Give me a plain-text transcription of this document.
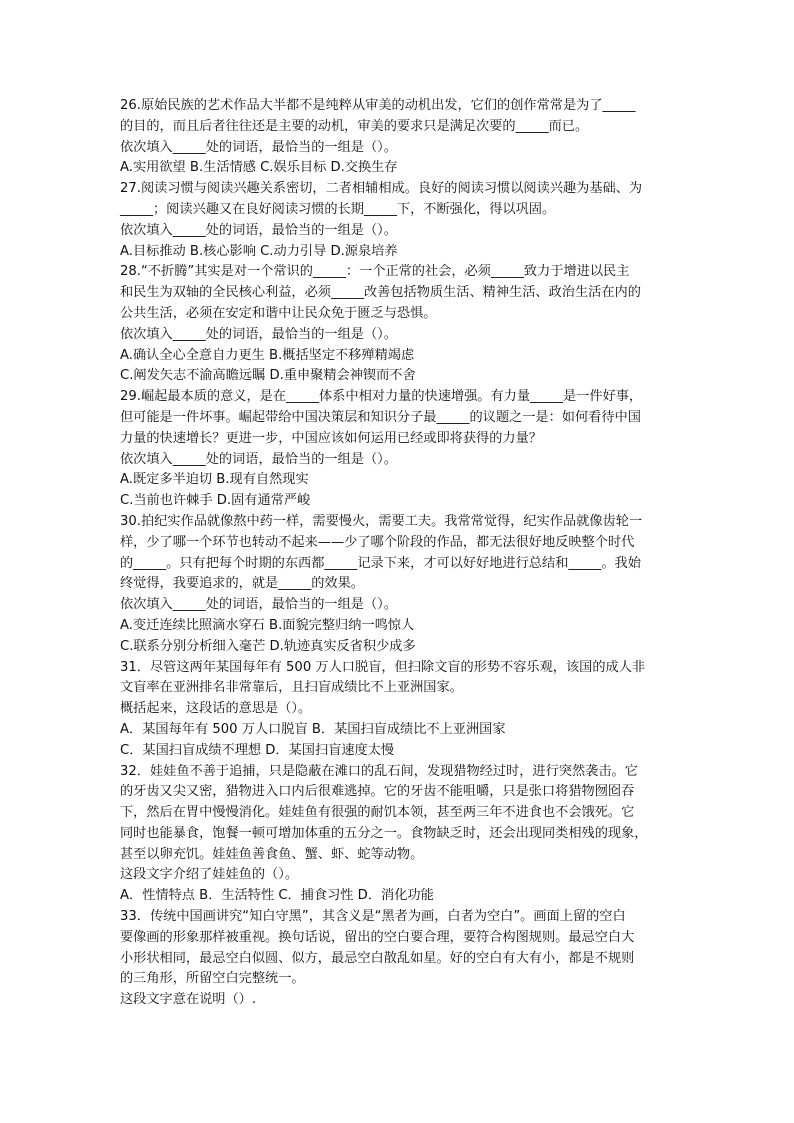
26.原始民族的艺术作品大半都不是纯粹从审美的动机出发，它们的创作常常是为了_____
的目的，而且后者往往还是主要的动机，审美的要求只是满足次要的_____而已。
依次填入_____处的词语，最恰当的一组是（）。
A.实用欲望 B.生活情感 C.娱乐目标 D.交换生存
27.阅读习惯与阅读兴趣关系密切，二者相辅相成。良好的阅读习惯以阅读兴趣为基础、为
_____；阅读兴趣又在良好阅读习惯的长期_____下，不断强化，得以巩固。
依次填入_____处的词语，最恰当的一组是（）。
A.目标推动 B.核心影响 C.动力引导 D.源泉培养
28.“不折腾”其实是对一个常识的_____：一个正常的社会，必须_____致力于增进以民主
和民生为双轴的全民核心利益，必须_____改善包括物质生活、精神生活、政治生活在内的
公共生活，必须在安定和谐中让民众免于匮乏与恐惧。
依次填入_____处的词语，最恰当的一组是（）。
A.确认全心全意自力更生 B.概括坚定不移殚精竭虑
C.阐发矢志不渝高瞻远瞩 D.重申聚精会神锲而不舍
29.崛起最本质的意义，是在_____体系中相对力量的快速增强。有力量_____是一件好事，
但可能是一件坏事。崛起带给中国决策层和知识分子最_____的议题之一是：如何看待中国
力量的快速增长？更进一步，中国应该如何运用已经或即将获得的力量？
依次填入_____处的词语，最恰当的一组是（）。
A.既定多半迫切 B.现有自然现实
C.当前也许棘手 D.固有通常严峻
30.拍纪实作品就像熬中药一样，需要慢火，需要工夫。我常常觉得，纪实作品就像齿轮一
样，少了哪一个环节也转动不起来——少了哪个阶段的作品，都无法很好地反映整个时代
的_____。只有把每个时期的东西都_____记录下来，才可以好好地进行总结和_____。我始
终觉得，我要追求的，就是_____的效果。
依次填入_____处的词语，最恰当的一组是（）。
A.变迁连续比照滴水穿石 B.面貌完整归纳一鸣惊人
C.联系分别分析细入毫芒 D.轨迹真实反省积少成多
31．尽管这两年某国每年有 500 万人口脱盲，但扫除文盲的形势不容乐观，该国的成人非
文盲率在亚洲排名非常靠后，且扫盲成绩比不上亚洲国家。
概括起来，这段话的意思是（）。
A．某国每年有 500 万人口脱盲 B．某国扫盲成绩比不上亚洲国家
C．某国扫盲成绩不理想 D．某国扫盲速度太慢
32．娃娃鱼不善于追捕，只是隐蔽在滩口的乱石间，发现猎物经过时，进行突然袭击。它
的牙齿又尖又密，猎物进入口内后很难逃掉。它的牙齿不能咀嚼，只是张口将猎物囫囵吞
下，然后在胃中慢慢消化。娃娃鱼有很强的耐饥本领，甚至两三年不进食也不会饿死。它
同时也能暴食，饱餐一顿可增加体重的五分之一。食物缺乏时，还会出现同类相残的现象，
甚至以卵充饥。娃娃鱼善食鱼、蟹、虾、蛇等动物。
这段文字介绍了娃娃鱼的（）。
A．性情特点 B．生活特性 C．捕食习性 D．消化功能
33．传统中国画讲究“知白守黑”，其含义是“黑者为画，白者为空白”。画面上留的空白
要像画的形象那样被重视。换句话说，留出的空白要合理，要符合构图规则。最忌空白大
小形状相同，最忌空白似圆、似方，最忌空白散乱如星。好的空白有大有小，都是不规则
的三角形，所留空白完整统一。
这段文字意在说明（）.
